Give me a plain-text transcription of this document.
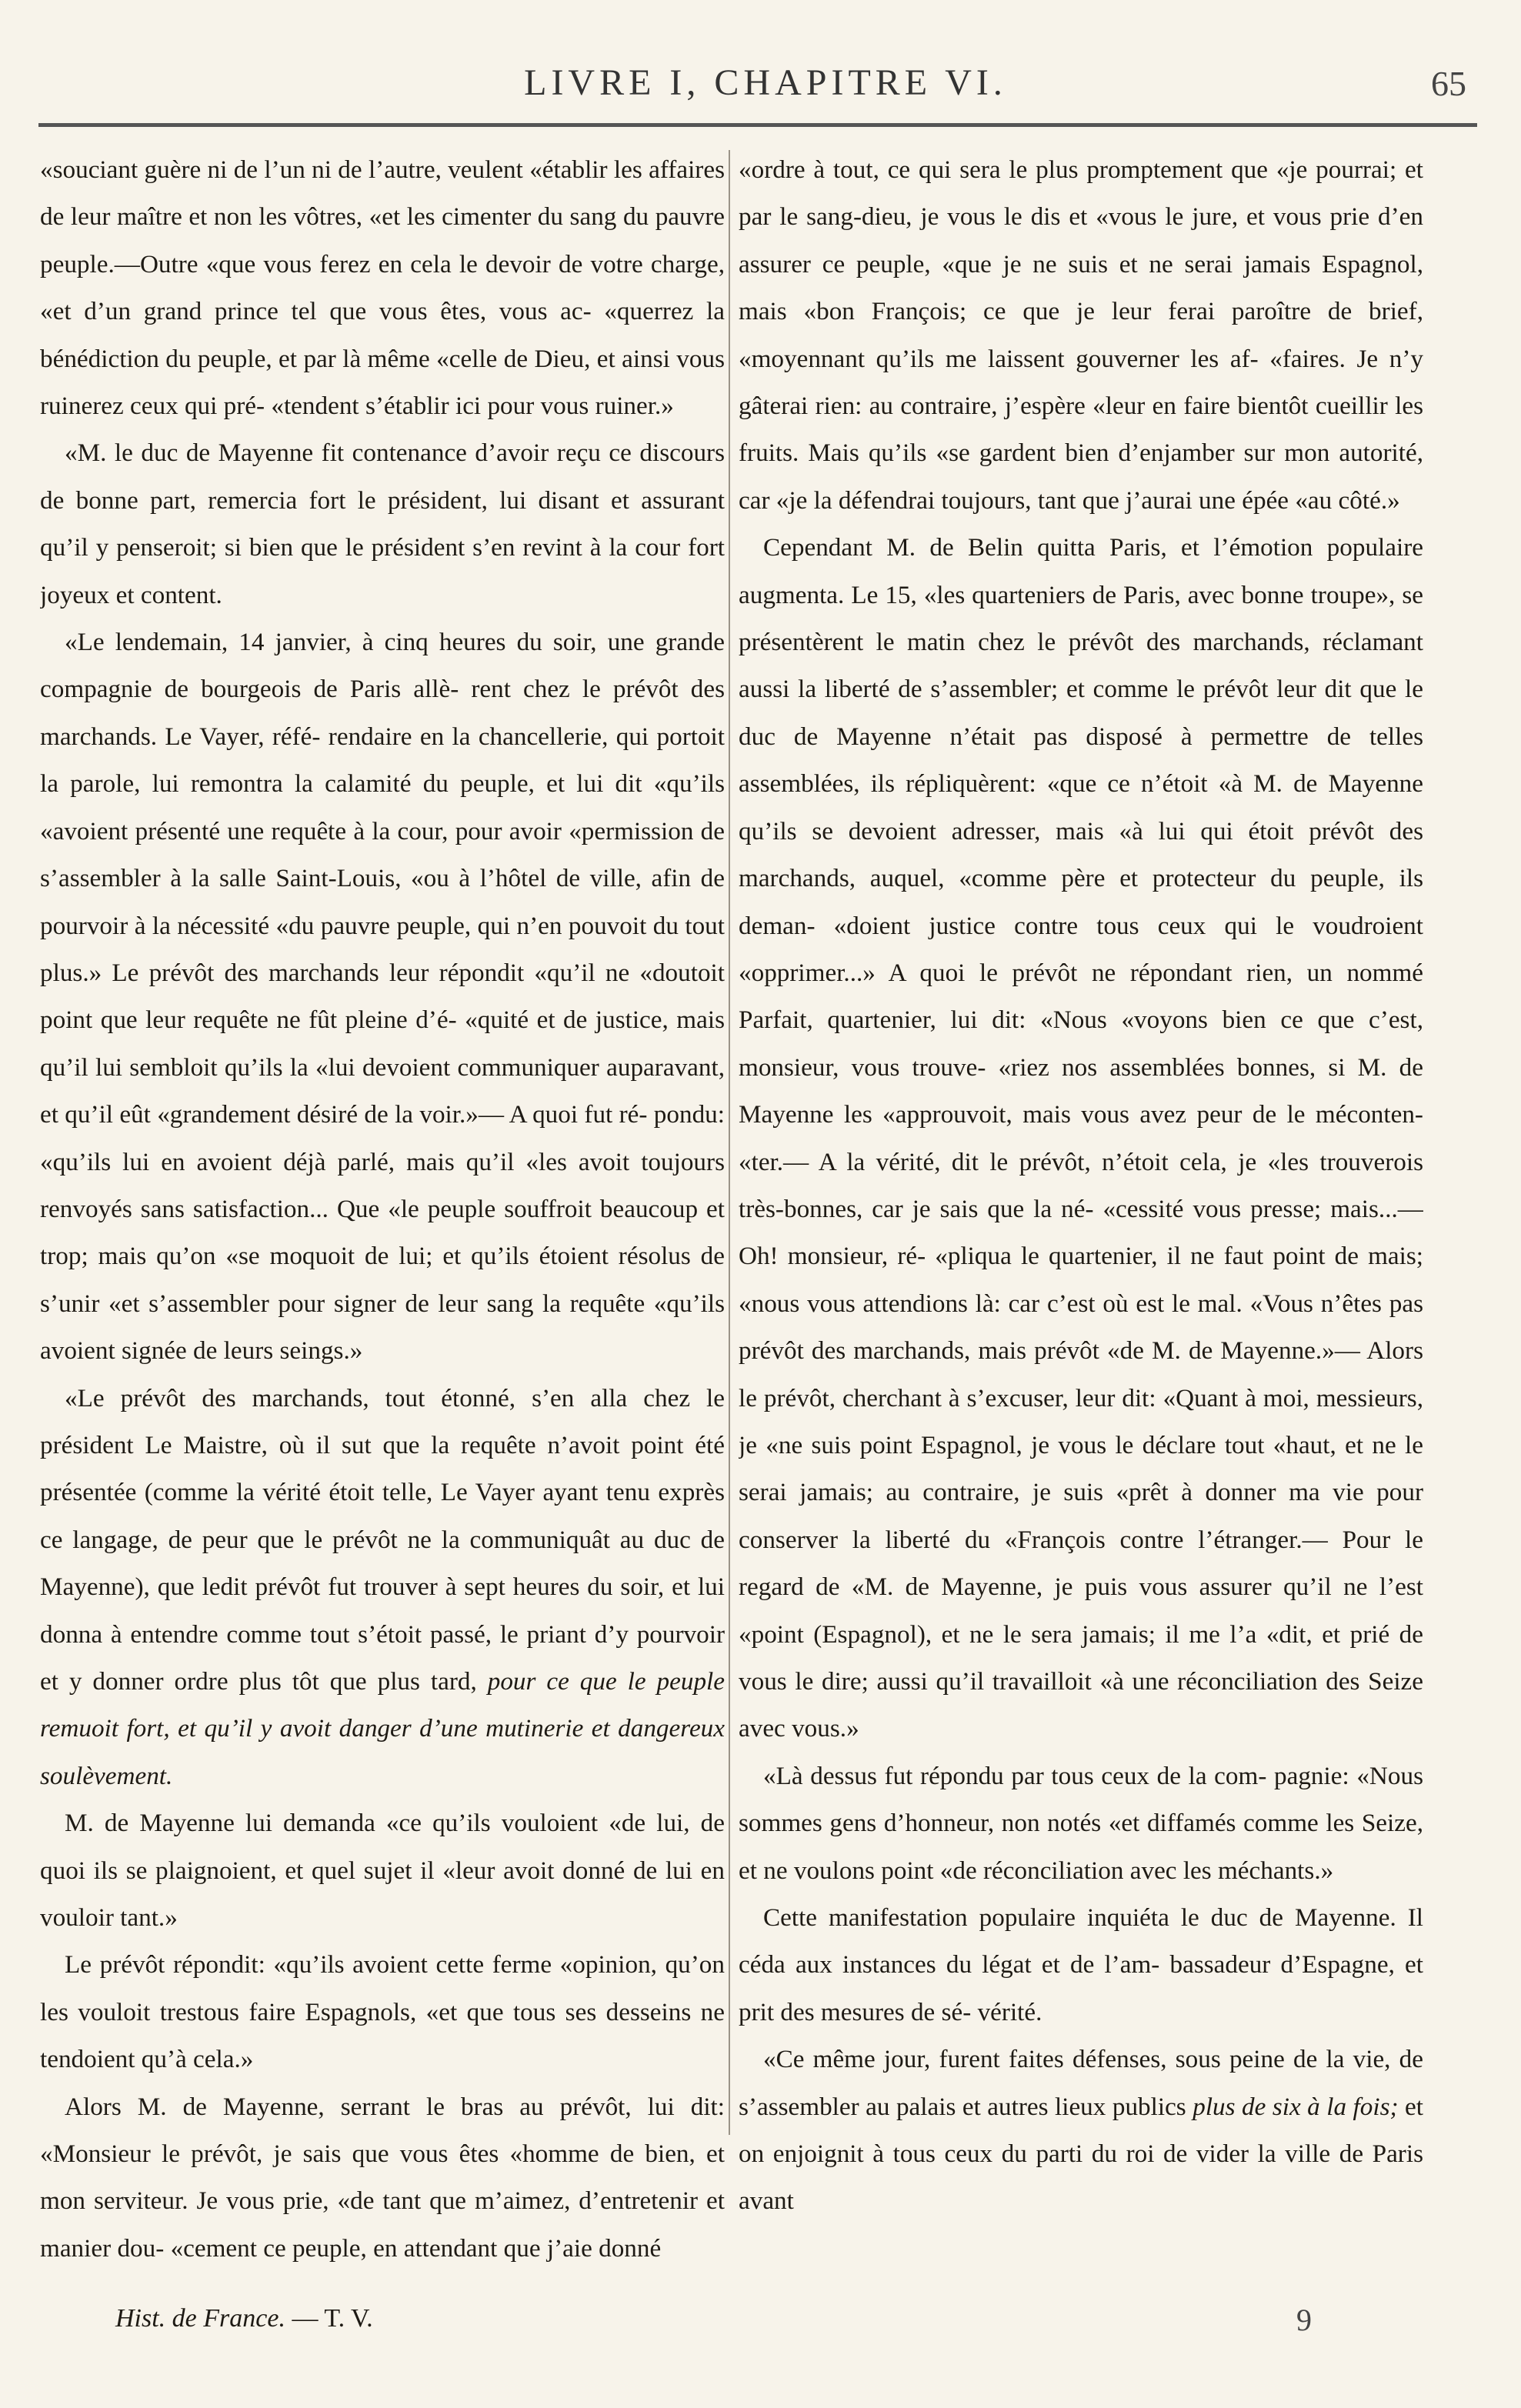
LIVRE I, CHAPITRE VI.	65

«souciant guère ni de l’un ni de l’autre, veulent «établir les affaires de leur maître et non les vôtres, «et les cimenter du sang du pauvre peuple.—Outre «que vous ferez en cela le devoir de votre charge, «et d’un grand prince tel que vous êtes, vous ac- «querrez la bénédiction du peuple, et par là même «celle de Dieu, et ainsi vous ruinerez ceux qui pré- «tendent s’établir ici pour vous ruiner.»

«M. le duc de Mayenne fit contenance d’avoir reçu ce discours de bonne part, remercia fort le président, lui disant et assurant qu’il y penseroit; si bien que le président s’en revint à la cour fort joyeux et content.

«Le lendemain, 14 janvier, à cinq heures du soir, une grande compagnie de bourgeois de Paris allè- rent chez le prévôt des marchands. Le Vayer, réfé- rendaire en la chancellerie, qui portoit la parole, lui remontra la calamité du peuple, et lui dit «qu’ils «avoient présenté une requête à la cour, pour avoir «permission de s’assembler à la salle Saint-Louis, «ou à l’hôtel de ville, afin de pourvoir à la nécessité «du pauvre peuple, qui n’en pouvoit du tout plus.» Le prévôt des marchands leur répondit «qu’il ne «doutoit point que leur requête ne fût pleine d’é- «quité et de justice, mais qu’il lui sembloit qu’ils la «lui devoient communiquer auparavant, et qu’il eût «grandement désiré de la voir.»— A quoi fut ré- pondu: «qu’ils lui en avoient déjà parlé, mais qu’il «les avoit toujours renvoyés sans satisfaction... Que «le peuple souffroit beaucoup et trop; mais qu’on «se moquoit de lui; et qu’ils étoient résolus de s’unir «et s’assembler pour signer de leur sang la requête «qu’ils avoient signée de leurs seings.»

«Le prévôt des marchands, tout étonné, s’en alla chez le président Le Maistre, où il sut que la requête n’avoit point été présentée (comme la vérité étoit telle, Le Vayer ayant tenu exprès ce langage, de peur que le prévôt ne la communiquât au duc de Mayenne), que ledit prévôt fut trouver à sept heures du soir, et lui donna à entendre comme tout s’étoit passé, le priant d’y pourvoir et y donner ordre plus tôt que plus tard, pour ce que le peuple remuoit fort, et qu’il y avoit danger d’une mutinerie et dangereux soulèvement.

M. de Mayenne lui demanda «ce qu’ils vouloient «de lui, de quoi ils se plaignoient, et quel sujet il «leur avoit donné de lui en vouloir tant.»

Le prévôt répondit: «qu’ils avoient cette ferme «opinion, qu’on les vouloit trestous faire Espagnols, «et que tous ses desseins ne tendoient qu’à cela.»

Alors M. de Mayenne, serrant le bras au prévôt, lui dit: «Monsieur le prévôt, je sais que vous êtes «homme de bien, et mon serviteur. Je vous prie, «de tant que m’aimez, d’entretenir et manier dou- «cement ce peuple, en attendant que j’aie donné

«ordre à tout, ce qui sera le plus promptement que «je pourrai; et par le sang-dieu, je vous le dis et «vous le jure, et vous prie d’en assurer ce peuple, «que je ne suis et ne serai jamais Espagnol, mais «bon François; ce que je leur ferai paroître de brief, «moyennant qu’ils me laissent gouverner les af- «faires. Je n’y gâterai rien: au contraire, j’espère «leur en faire bientôt cueillir les fruits. Mais qu’ils «se gardent bien d’enjamber sur mon autorité, car «je la défendrai toujours, tant que j’aurai une épée «au côté.»

Cependant M. de Belin quitta Paris, et l’émotion populaire augmenta. Le 15, «les quarteniers de Paris, avec bonne troupe», se présentèrent le matin chez le prévôt des marchands, réclamant aussi la liberté de s’assembler; et comme le prévôt leur dit que le duc de Mayenne n’était pas disposé à permettre de telles assemblées, ils répliquèrent: «que ce n’étoit «à M. de Mayenne qu’ils se devoient adresser, mais «à lui qui étoit prévôt des marchands, auquel, «comme père et protecteur du peuple, ils deman- «doient justice contre tous ceux qui le voudroient «opprimer...» A quoi le prévôt ne répondant rien, un nommé Parfait, quartenier, lui dit: «Nous «voyons bien ce que c’est, monsieur, vous trouve- «riez nos assemblées bonnes, si M. de Mayenne les «approuvoit, mais vous avez peur de le méconten- «ter.— A la vérité, dit le prévôt, n’étoit cela, je «les trouverois très-bonnes, car je sais que la né- «cessité vous presse; mais...— Oh! monsieur, ré- «pliqua le quartenier, il ne faut point de mais; «nous vous attendions là: car c’est où est le mal. «Vous n’êtes pas prévôt des marchands, mais prévôt «de M. de Mayenne.»— Alors le prévôt, cherchant à s’excuser, leur dit: «Quant à moi, messieurs, je «ne suis point Espagnol, je vous le déclare tout «haut, et ne le serai jamais; au contraire, je suis «prêt à donner ma vie pour conserver la liberté du «François contre l’étranger.— Pour le regard de «M. de Mayenne, je puis vous assurer qu’il ne l’est «point (Espagnol), et ne le sera jamais; il me l’a «dit, et prié de vous le dire; aussi qu’il travailloit «à une réconciliation des Seize avec vous.»

«Là dessus fut répondu par tous ceux de la com- pagnie: «Nous sommes gens d’honneur, non notés «et diffamés comme les Seize, et ne voulons point «de réconciliation avec les méchants.»

Cette manifestation populaire inquiéta le duc de Mayenne. Il céda aux instances du légat et de l’am- bassadeur d’Espagne, et prit des mesures de sé- vérité.

«Ce même jour, furent faites défenses, sous peine de la vie, de s’assembler au palais et autres lieux publics plus de six à la fois; et on enjoignit à tous ceux du parti du roi de vider la ville de Paris avant

Hist. de France. — T. V.	9
